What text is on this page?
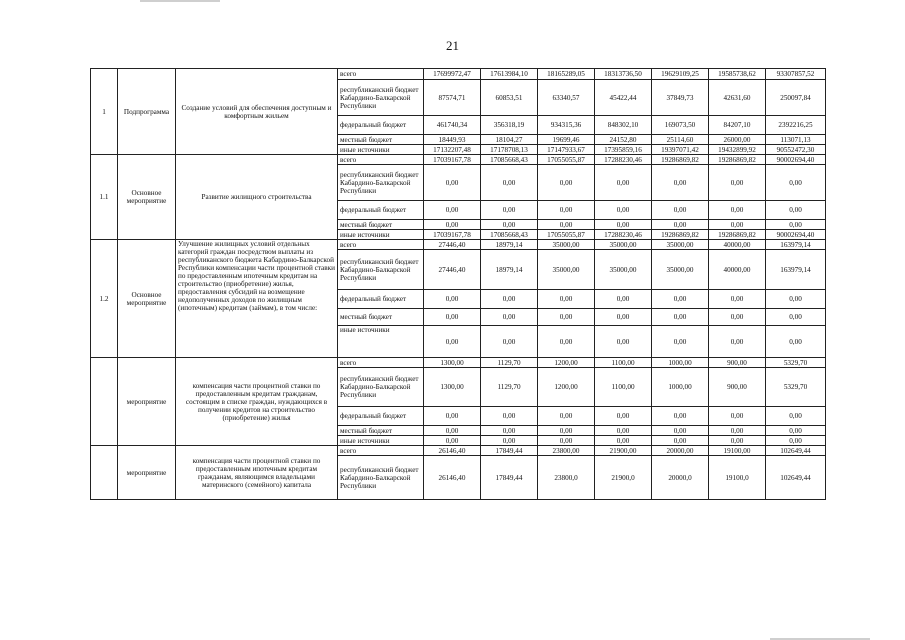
21
1	Подпрограмма	Создание условий для обеспечения доступным и комфортным жильем	всего	17699972,47	17613984,10	18165289,05	18313736,50	19629109,25	19585738,62	93307857,52
			республиканский бюджет Кабардино-Балкарской Республики	87574,71	60853,51	63340,57	45422,44	37849,73	42631,60	250097,84
			федеральный бюджет	461740,34	356318,19	934315,36	848302,10	169073,50	84207,10	2392216,25
			местный бюджет	18449,93	18104,27	19699,46	24152,80	25114,60	26000,00	113071,13
			иные источники	17132207,48	17178708,13	17147933,67	17395859,16	19397071,42	19432899,92	90552472,30
1.1	Основное мероприятие	Развитие жилищного строительства	всего	17039167,78	17085668,43	17055055,87	17288230,46	19286869,82	19286869,82	90002694,40
			республиканский бюджет Кабардино-Балкарской Республики	0,00	0,00	0,00	0,00	0,00	0,00	0,00
			федеральный бюджет	0,00	0,00	0,00	0,00	0,00	0,00	0,00
			местный бюджет	0,00	0,00	0,00	0,00	0,00	0,00	0,00
			иные источники	17039167,78	17085668,43	17055055,87	17288230,46	19286869,82	19286869,82	90002694,40
1.2	Основное мероприятие	Улучшение жилищных условий отдельных категорий граждан посредством выплаты из республиканского бюджета Кабардино-Балкарской Республики компенсации части процентной ставки по предоставленным ипотечным кредитам на строительство (приобретение) жилья, предоставления субсидий на возмещение недополученных доходов по жилищным (ипотечным) кредитам (займам), в том числе:	всего	27446,40	18979,14	35000,00	35000,00	35000,00	40000,00	163979,14
			республиканский бюджет Кабардино-Балкарской Республики	27446,40	18979,14	35000,00	35000,00	35000,00	40000,00	163979,14
			федеральный бюджет	0,00	0,00	0,00	0,00	0,00	0,00	0,00
			местный бюджет	0,00	0,00	0,00	0,00	0,00	0,00	0,00
			иные источники	0,00	0,00	0,00	0,00	0,00	0,00	0,00
	мероприятие	компенсация части процентной ставки по предоставленным кредитам гражданам, состоящим в списке граждан, нуждающихся в получении кредитов на строительство (приобретение) жилья	всего	1300,00	1129,70	1200,00	1100,00	1000,00	900,00	5329,70
			республиканский бюджет Кабардино-Балкарской Республики	1300,00	1129,70	1200,00	1100,00	1000,00	900,00	5329,70
			федеральный бюджет	0,00	0,00	0,00	0,00	0,00	0,00	0,00
			местный бюджет	0,00	0,00	0,00	0,00	0,00	0,00	0,00
			иные источники	0,00	0,00	0,00	0,00	0,00	0,00	0,00
	мероприятие	компенсация части процентной ставки по предоставленным ипотечным кредитам гражданам, являющимся владельцами материнского (семейного) капитала	всего	26146,40	17849,44	23800,00	21900,00	20000,00	19100,00	102649,44
			республиканский бюджет Кабардино-Балкарской Республики	26146,40	17849,44	23800,0	21900,0	20000,0	19100,0	102649,44
